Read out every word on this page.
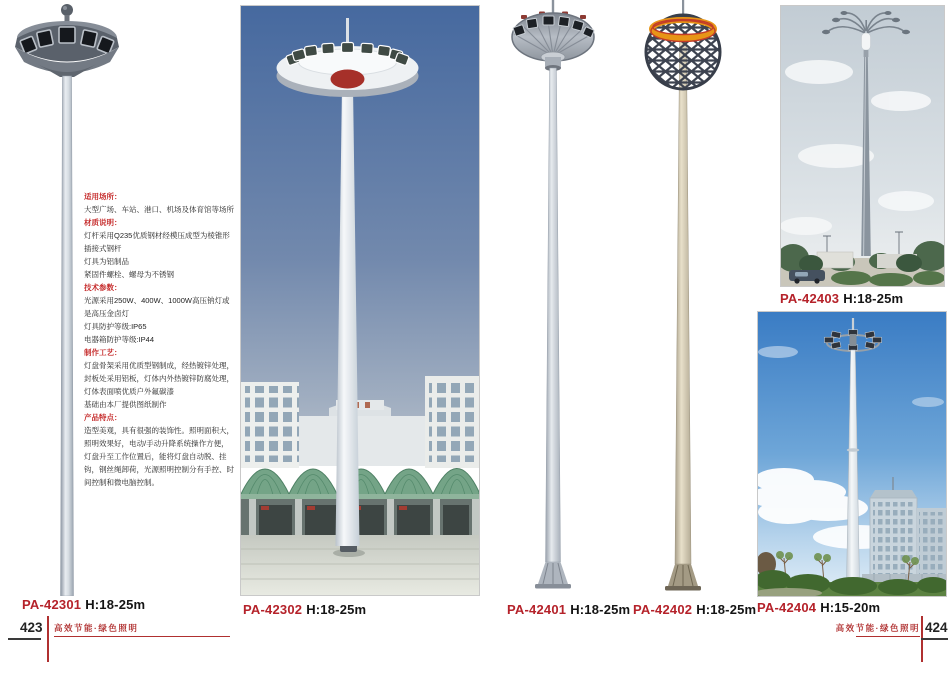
适用场所：
大型广场、车站、港口、机场及体育馆等场所
材质说明：
灯杆采用Q235优质钢材经模压成型为棱锥形插接式钢杆
灯具为铝制品
紧固件螺栓、螺母为不锈钢
技术参数：
光源采用250W、400W、1000W高压钠灯或是高压金卤灯
灯具防护等级:IP65
电器箱防护等级:IP44
制作工艺：
灯盘骨架采用优质型钢制成，经热镀锌处理，封板处采用铝板，灯体内外热镀锌防腐处理，灯体表面喷优质户外氟碳漆
基础由本厂提供图纸制作
产品特点：
造型美观，具有很强的装饰性。照明面积大，照明效果好，电动/手动升降系统操作方便，灯盘升至工作位置后，能将灯盘自动脱、挂钩，钢丝绳卸荷，光源照明控制分有手控、时间控制和微电脑控制。
PA-42301 H:18-25m	PA-42302 H:18-25m	PA-42401 H:18-25m PA-42402 H:18-25m
PA-42403 H:18-25m
PA-42404 H:15-20m
423 高效节能·绿色照明	高效节能·绿色照明 424
